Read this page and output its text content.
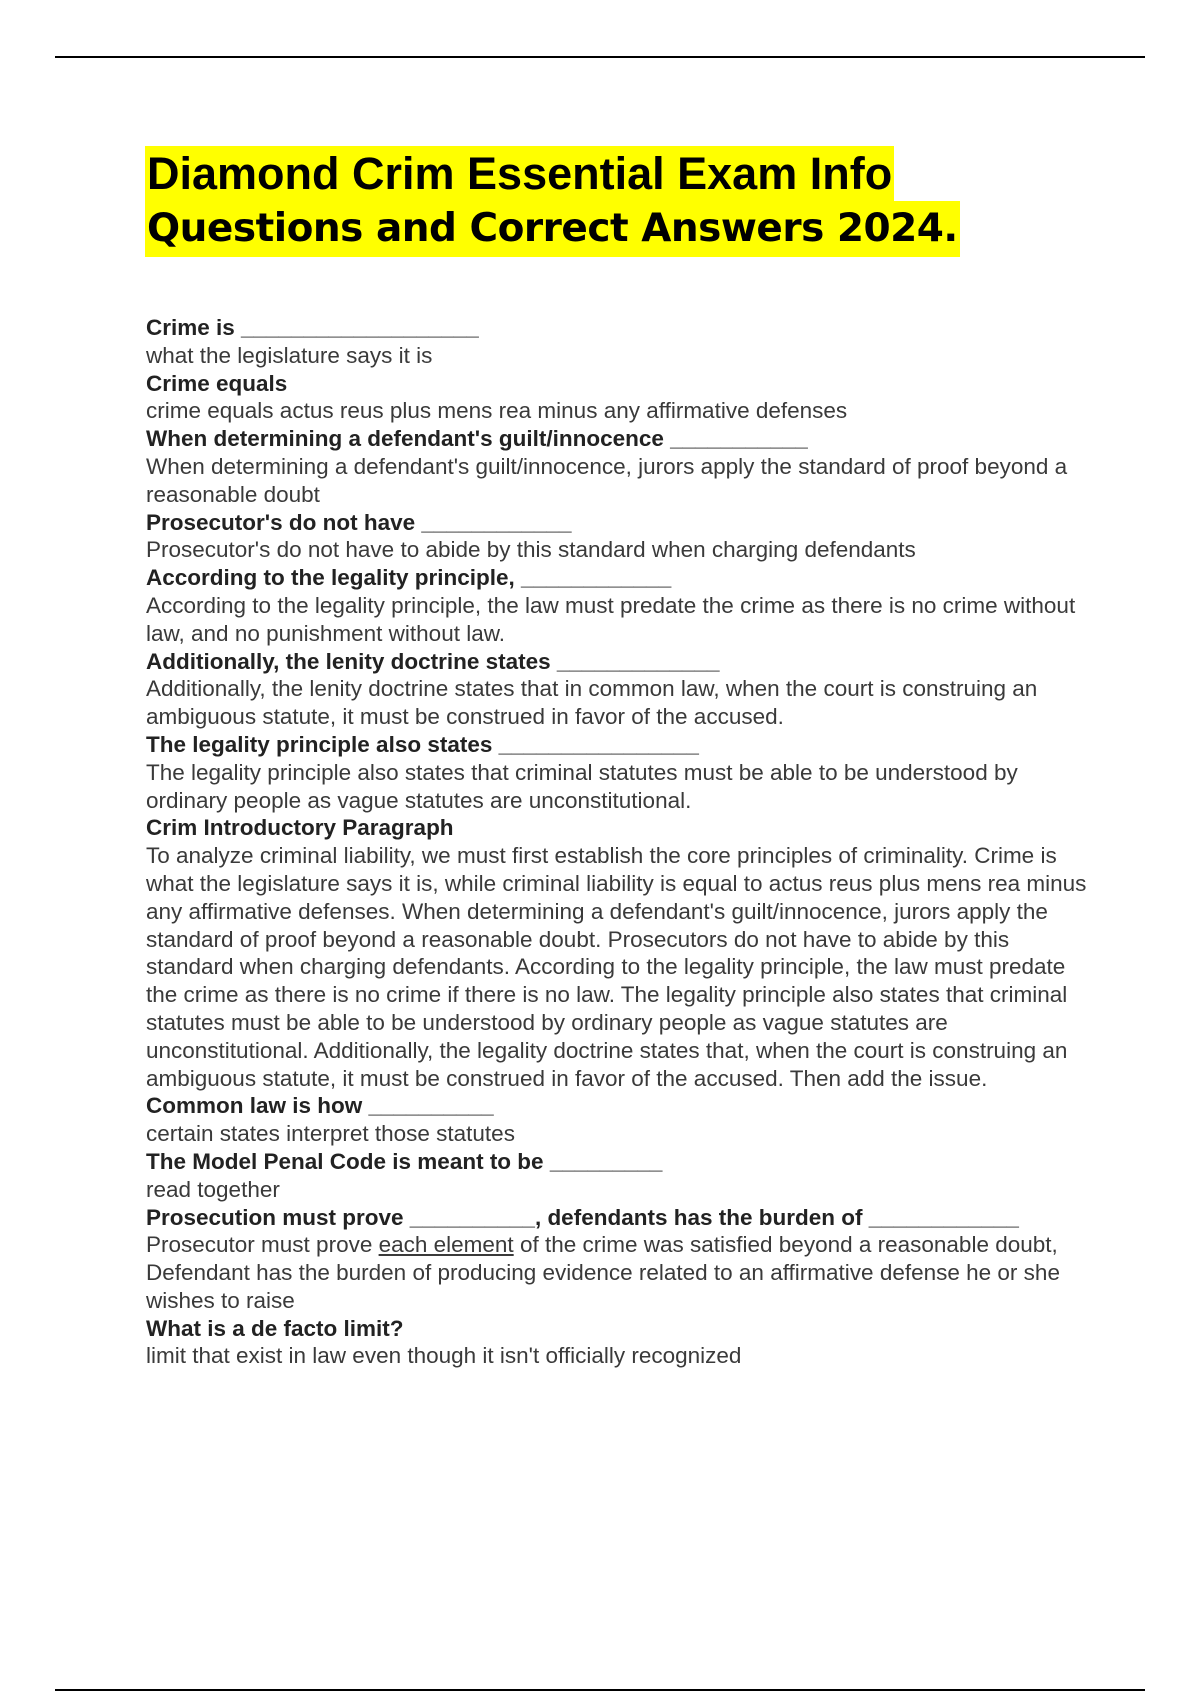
Diamond Crim Essential Exam Info
Questions and Correct Answers 2024.
Crime is ___________________
what the legislature says it is
Crime equals
crime equals actus reus plus mens rea minus any affirmative defenses
When determining a defendant's guilt/innocence ___________
When determining a defendant's guilt/innocence, jurors apply the standard of proof beyond a reasonable doubt
Prosecutor's do not have ____________
Prosecutor's do not have to abide by this standard when charging defendants
According to the legality principle, ____________
According to the legality principle, the law must predate the crime as there is no crime without law, and no punishment without law.
Additionally, the lenity doctrine states _____________
Additionally, the lenity doctrine states that in common law, when the court is construing an ambiguous statute, it must be construed in favor of the accused.
The legality principle also states ________________
The legality principle also states that criminal statutes must be able to be understood by ordinary people as vague statutes are unconstitutional.
Crim Introductory Paragraph
To analyze criminal liability, we must first establish the core principles of criminality. Crime is what the legislature says it is, while criminal liability is equal to actus reus plus mens rea minus any affirmative defenses. When determining a defendant's guilt/innocence, jurors apply the standard of proof beyond a reasonable doubt. Prosecutors do not have to abide by this standard when charging defendants. According to the legality principle, the law must predate the crime as there is no crime if there is no law. The legality principle also states that criminal statutes must be able to be understood by ordinary people as vague statutes are unconstitutional. Additionally, the legality doctrine states that, when the court is construing an ambiguous statute, it must be construed in favor of the accused. Then add the issue.
Common law is how __________
certain states interpret those statutes
The Model Penal Code is meant to be _________
read together
Prosecution must prove __________, defendants has the burden of ____________
Prosecutor must prove each element of the crime was satisfied beyond a reasonable doubt, Defendant has the burden of producing evidence related to an affirmative defense he or she wishes to raise
What is a de facto limit?
limit that exist in law even though it isn't officially recognized
